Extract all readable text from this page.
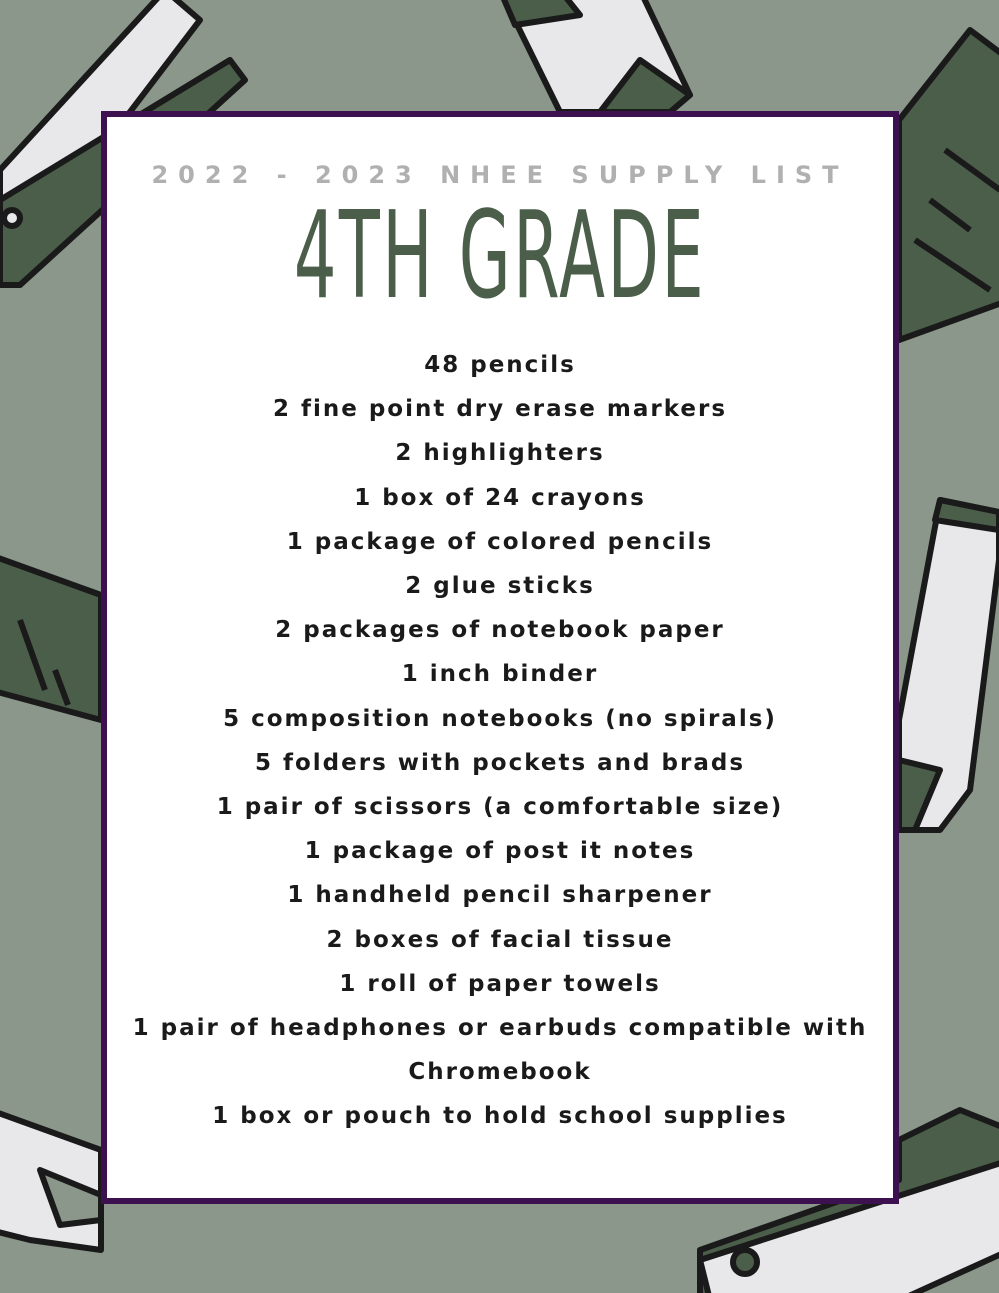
2022 - 2023 NHEE SUPPLY LIST
4TH GRADE
48 pencils
2 fine point dry erase markers
2 highlighters
1 box of 24 crayons
1 package of colored pencils
2 glue sticks
2 packages of notebook paper
1 inch binder
5 composition notebooks (no spirals)
5 folders with pockets and brads
1 pair of scissors (a comfortable size)
1 package of post it notes
1 handheld pencil sharpener
2 boxes of facial tissue
1 roll of paper towels
1 pair of headphones or earbuds compatible with
Chromebook
1 box or pouch to hold school supplies
